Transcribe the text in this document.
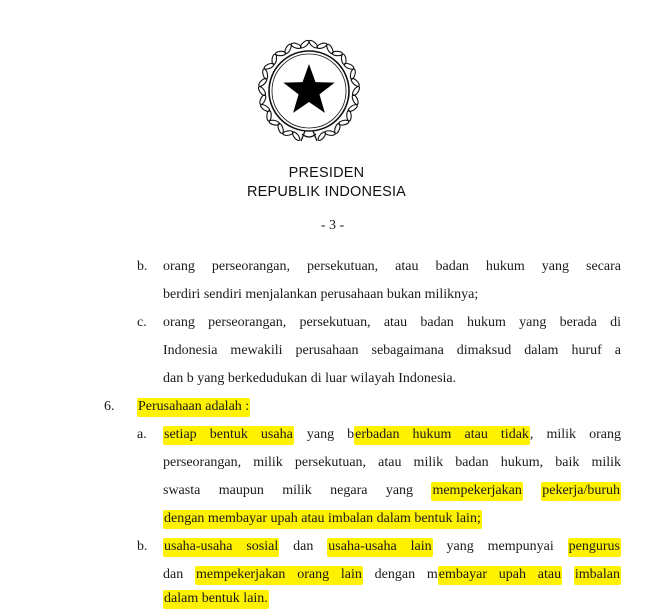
PRESIDEN
REPUBLIK INDONESIA
- 3 -
b. orang perseorangan, persekutuan, atau badan hukum yang secara
berdiri sendiri menjalankan perusahaan bukan miliknya;
c. orang perseorangan, persekutuan, atau badan hukum yang berada di
Indonesia mewakili perusahaan sebagaimana dimaksud dalam huruf a
dan b yang berkedudukan di luar wilayah Indonesia.
6. Perusahaan adalah :
a. setiap bentuk usaha yang berbadan hukum atau tidak, milik orang
perseorangan, milik persekutuan, atau milik badan hukum, baik milik
swasta maupun milik negara yang mempekerjakan pekerja/buruh
dengan membayar upah atau imbalan dalam bentuk lain;
b. usaha-usaha sosial dan usaha-usaha lain yang mempunyai pengurus
dan mempekerjakan orang lain dengan membayar upah atau imbalan
dalam bentuk lain.
